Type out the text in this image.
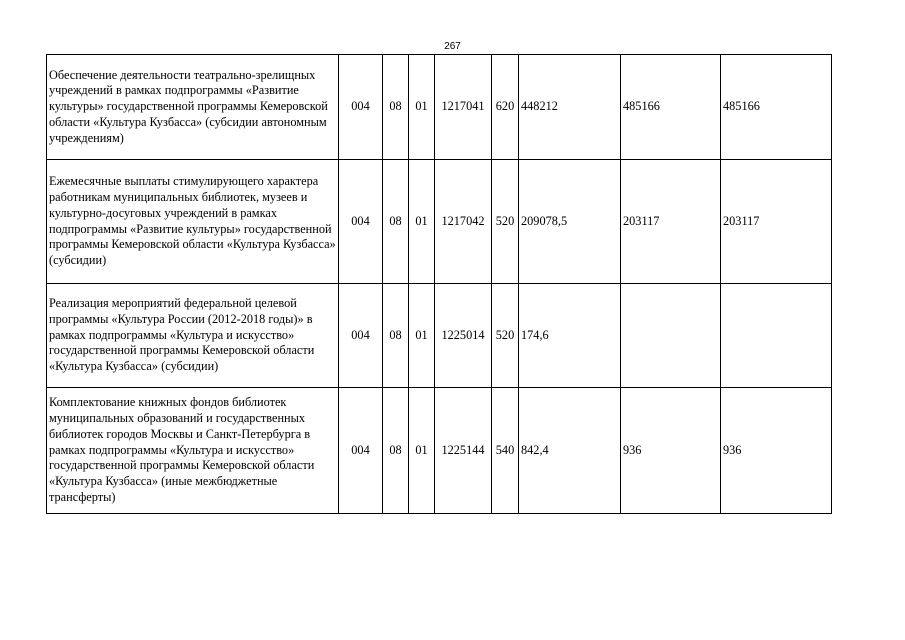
267
Обеспечение деятельности театрально-зрелищных учреждений в рамках подпрограммы «Развитие культуры» государственной программы Кемеровской области «Культура Кузбасса» (субсидии автономным учреждениям)	004	08	01	1217041	620	448212	485166	485166
Ежемесячные выплаты стимулирующего характера работникам муниципальных библиотек, музеев и культурно-досуговых учреждений в рамках подпрограммы «Развитие культуры» государственной программы Кемеровской области «Культура Кузбасса» (субсидии)	004	08	01	1217042	520	209078,5	203117	203117
Реализация мероприятий федеральной целевой программы «Культура России (2012-2018 годы)» в рамках подпрограммы «Культура и искусство» государственной программы Кемеровской области «Культура Кузбасса» (субсидии)	004	08	01	1225014	520	174,6		
Комплектование книжных фондов библиотек муниципальных образований и государственных библиотек городов Москвы и Санкт-Петербурга в рамках подпрограммы «Культура и искусство» государственной программы Кемеровской области «Культура Кузбасса» (иные межбюджетные трансферты)	004	08	01	1225144	540	842,4	936	936
